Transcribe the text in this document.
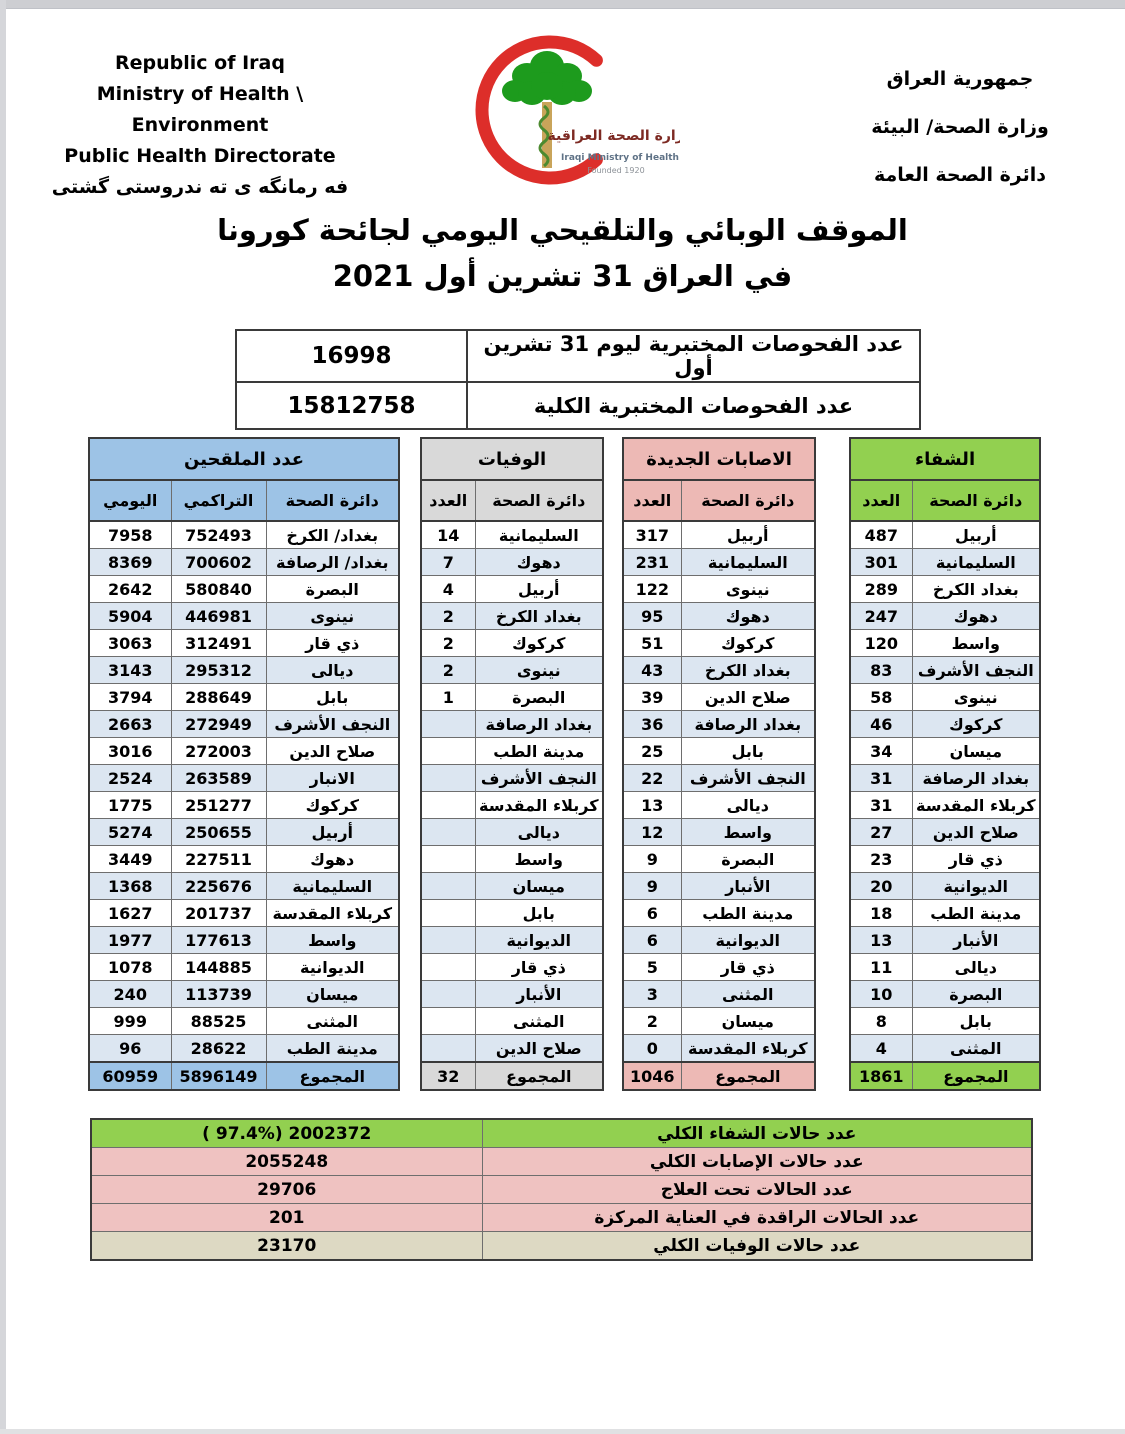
Republic of Iraq
Ministry of Health \ Environment
Public Health Directorate
فه رمانگه ى ته ندروستى گشتى
وزارة الصحة العراقية
Iraqi Ministry of Health
Founded 1920
جمهورية العراق
وزارة الصحة/ البيئة
دائرة الصحة العامة
الموقف الوبائي والتلقيحي اليومي لجائحة كورونا
في العراق 31 تشرين أول 2021
16998	عدد الفحوصات المختبرية ليوم 31 تشرين أول
15812758	عدد الفحوصات المختبرية الكلية
عدد الملقحين		
اليومي	التراكمي	دائرة الصحة
7958	752493	بغداد/ الكرخ
8369	700602	بغداد/ الرصافة
2642	580840	البصرة
5904	446981	نينوى
3063	312491	ذي قار
3143	295312	ديالى
3794	288649	بابل
2663	272949	النجف الأشرف
3016	272003	صلاح الدين
2524	263589	الانبار
1775	251277	كركوك
5274	250655	أربيل
3449	227511	دهوك
1368	225676	السليمانية
1627	201737	كربلاء المقدسة
1977	177613	واسط
1078	144885	الديوانية
240	113739	ميسان
999	88525	المثنى
96	28622	مدينة الطب
60959	5896149	المجموع
الوفيات	
العدد	دائرة الصحة
14	السليمانية
7	دهوك
4	أربيل
2	بغداد الكرخ
2	كركوك
2	نينوى
1	البصرة
	بغداد الرصافة
	مدينة الطب
	النجف الأشرف
	كربلاء المقدسة
	ديالى
	واسط
	ميسان
	بابل
	الديوانية
	ذي قار
	الأنبار
	المثنى
	صلاح الدين
32	المجموع
الاصابات الجديدة	
العدد	دائرة الصحة
317	أربيل
231	السليمانية
122	نينوى
95	دهوك
51	كركوك
43	بغداد الكرخ
39	صلاح الدين
36	بغداد الرصافة
25	بابل
22	النجف الأشرف
13	ديالى
12	واسط
9	البصرة
9	الأنبار
6	مدينة الطب
6	الديوانية
5	ذي قار
3	المثنى
2	ميسان
0	كربلاء المقدسة
1046	المجموع
الشفاء	
العدد	دائرة الصحة
487	أربيل
301	السليمانية
289	بغداد الكرخ
247	دهوك
120	واسط
83	النجف الأشرف
58	نينوى
46	كركوك
34	ميسان
31	بغداد الرصافة
31	كربلاء المقدسة
27	صلاح الدين
23	ذي قار
20	الديوانية
18	مدينة الطب
13	الأنبار
11	ديالى
10	البصرة
8	بابل
4	المثنى
1861	المجموع
( 97.4%) 2002372	عدد حالات الشفاء الكلي
2055248	عدد حالات الإصابات الكلي
29706	عدد الحالات تحت العلاج
201	عدد الحالات الراقدة في العناية المركزة
23170	عدد حالات الوفيات الكلي
